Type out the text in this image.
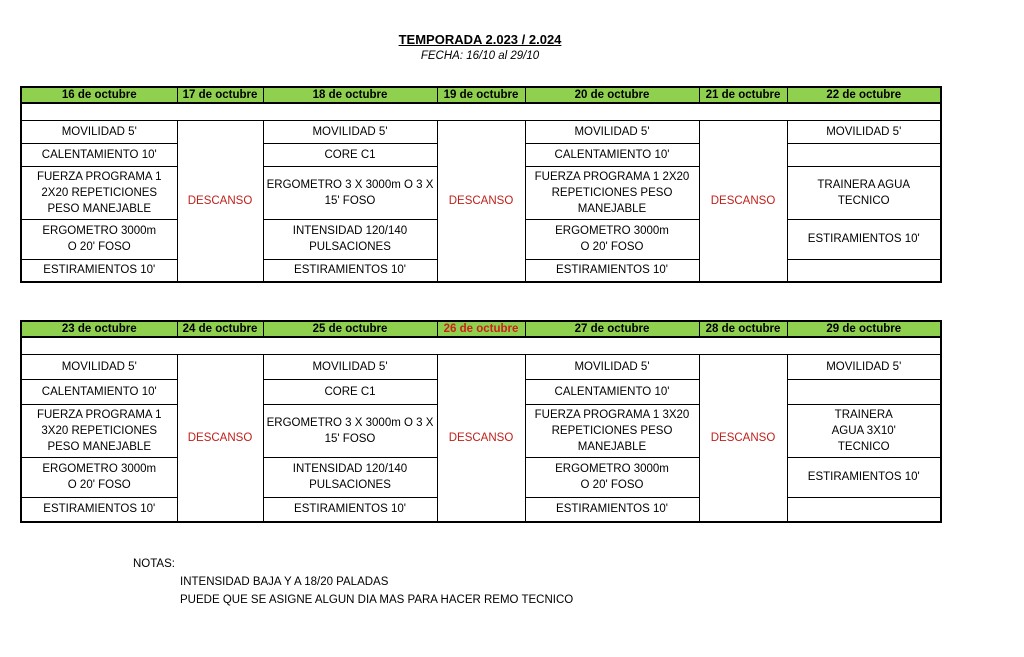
TEMPORADA 2.023 / 2.024
FECHA: 16/10 al 29/10
16 de octubre	17 de octubre	18 de octubre	19 de octubre	20 de octubre	21 de octubre	22 de octubre

MOVILIDAD 5'	DESCANSO	MOVILIDAD 5'	DESCANSO	MOVILIDAD 5'	DESCANSO	MOVILIDAD 5'
CALENTAMIENTO 10'		CORE C1		CALENTAMIENTO 10'		
FUERZA PROGRAMA 1 2X20 REPETICIONES PESO MANEJABLE		ERGOMETRO 3 X 3000m O 3 X 15' FOSO		FUERZA PROGRAMA 1 2X20 REPETICIONES PESO MANEJABLE		TRAINERA AGUA TECNICO
ERGOMETRO 3000m O 20' FOSO		INTENSIDAD 120/140 PULSACIONES		ERGOMETRO 3000m O 20' FOSO		ESTIRAMIENTOS 10'
ESTIRAMIENTOS 10'		ESTIRAMIENTOS 10'		ESTIRAMIENTOS 10'		
23 de octubre	24 de octubre	25 de octubre	26 de octubre	27 de octubre	28 de octubre	29 de octubre

MOVILIDAD 5'	DESCANSO	MOVILIDAD 5'	DESCANSO	MOVILIDAD 5'	DESCANSO	MOVILIDAD 5'
CALENTAMIENTO 10'		CORE C1		CALENTAMIENTO 10'		
FUERZA PROGRAMA 1 3X20 REPETICIONES PESO MANEJABLE		ERGOMETRO 3 X 3000m O 3 X 15' FOSO		FUERZA PROGRAMA 1 3X20 REPETICIONES PESO MANEJABLE		TRAINERA AGUA 3X10' TECNICO
ERGOMETRO 3000m O 20' FOSO		INTENSIDAD 120/140 PULSACIONES		ERGOMETRO 3000m O 20' FOSO		ESTIRAMIENTOS 10'
ESTIRAMIENTOS 10'		ESTIRAMIENTOS 10'		ESTIRAMIENTOS 10'		
NOTAS:
INTENSIDAD BAJA Y A 18/20 PALADAS
PUEDE QUE SE ASIGNE ALGUN DIA MAS PARA HACER REMO TECNICO
